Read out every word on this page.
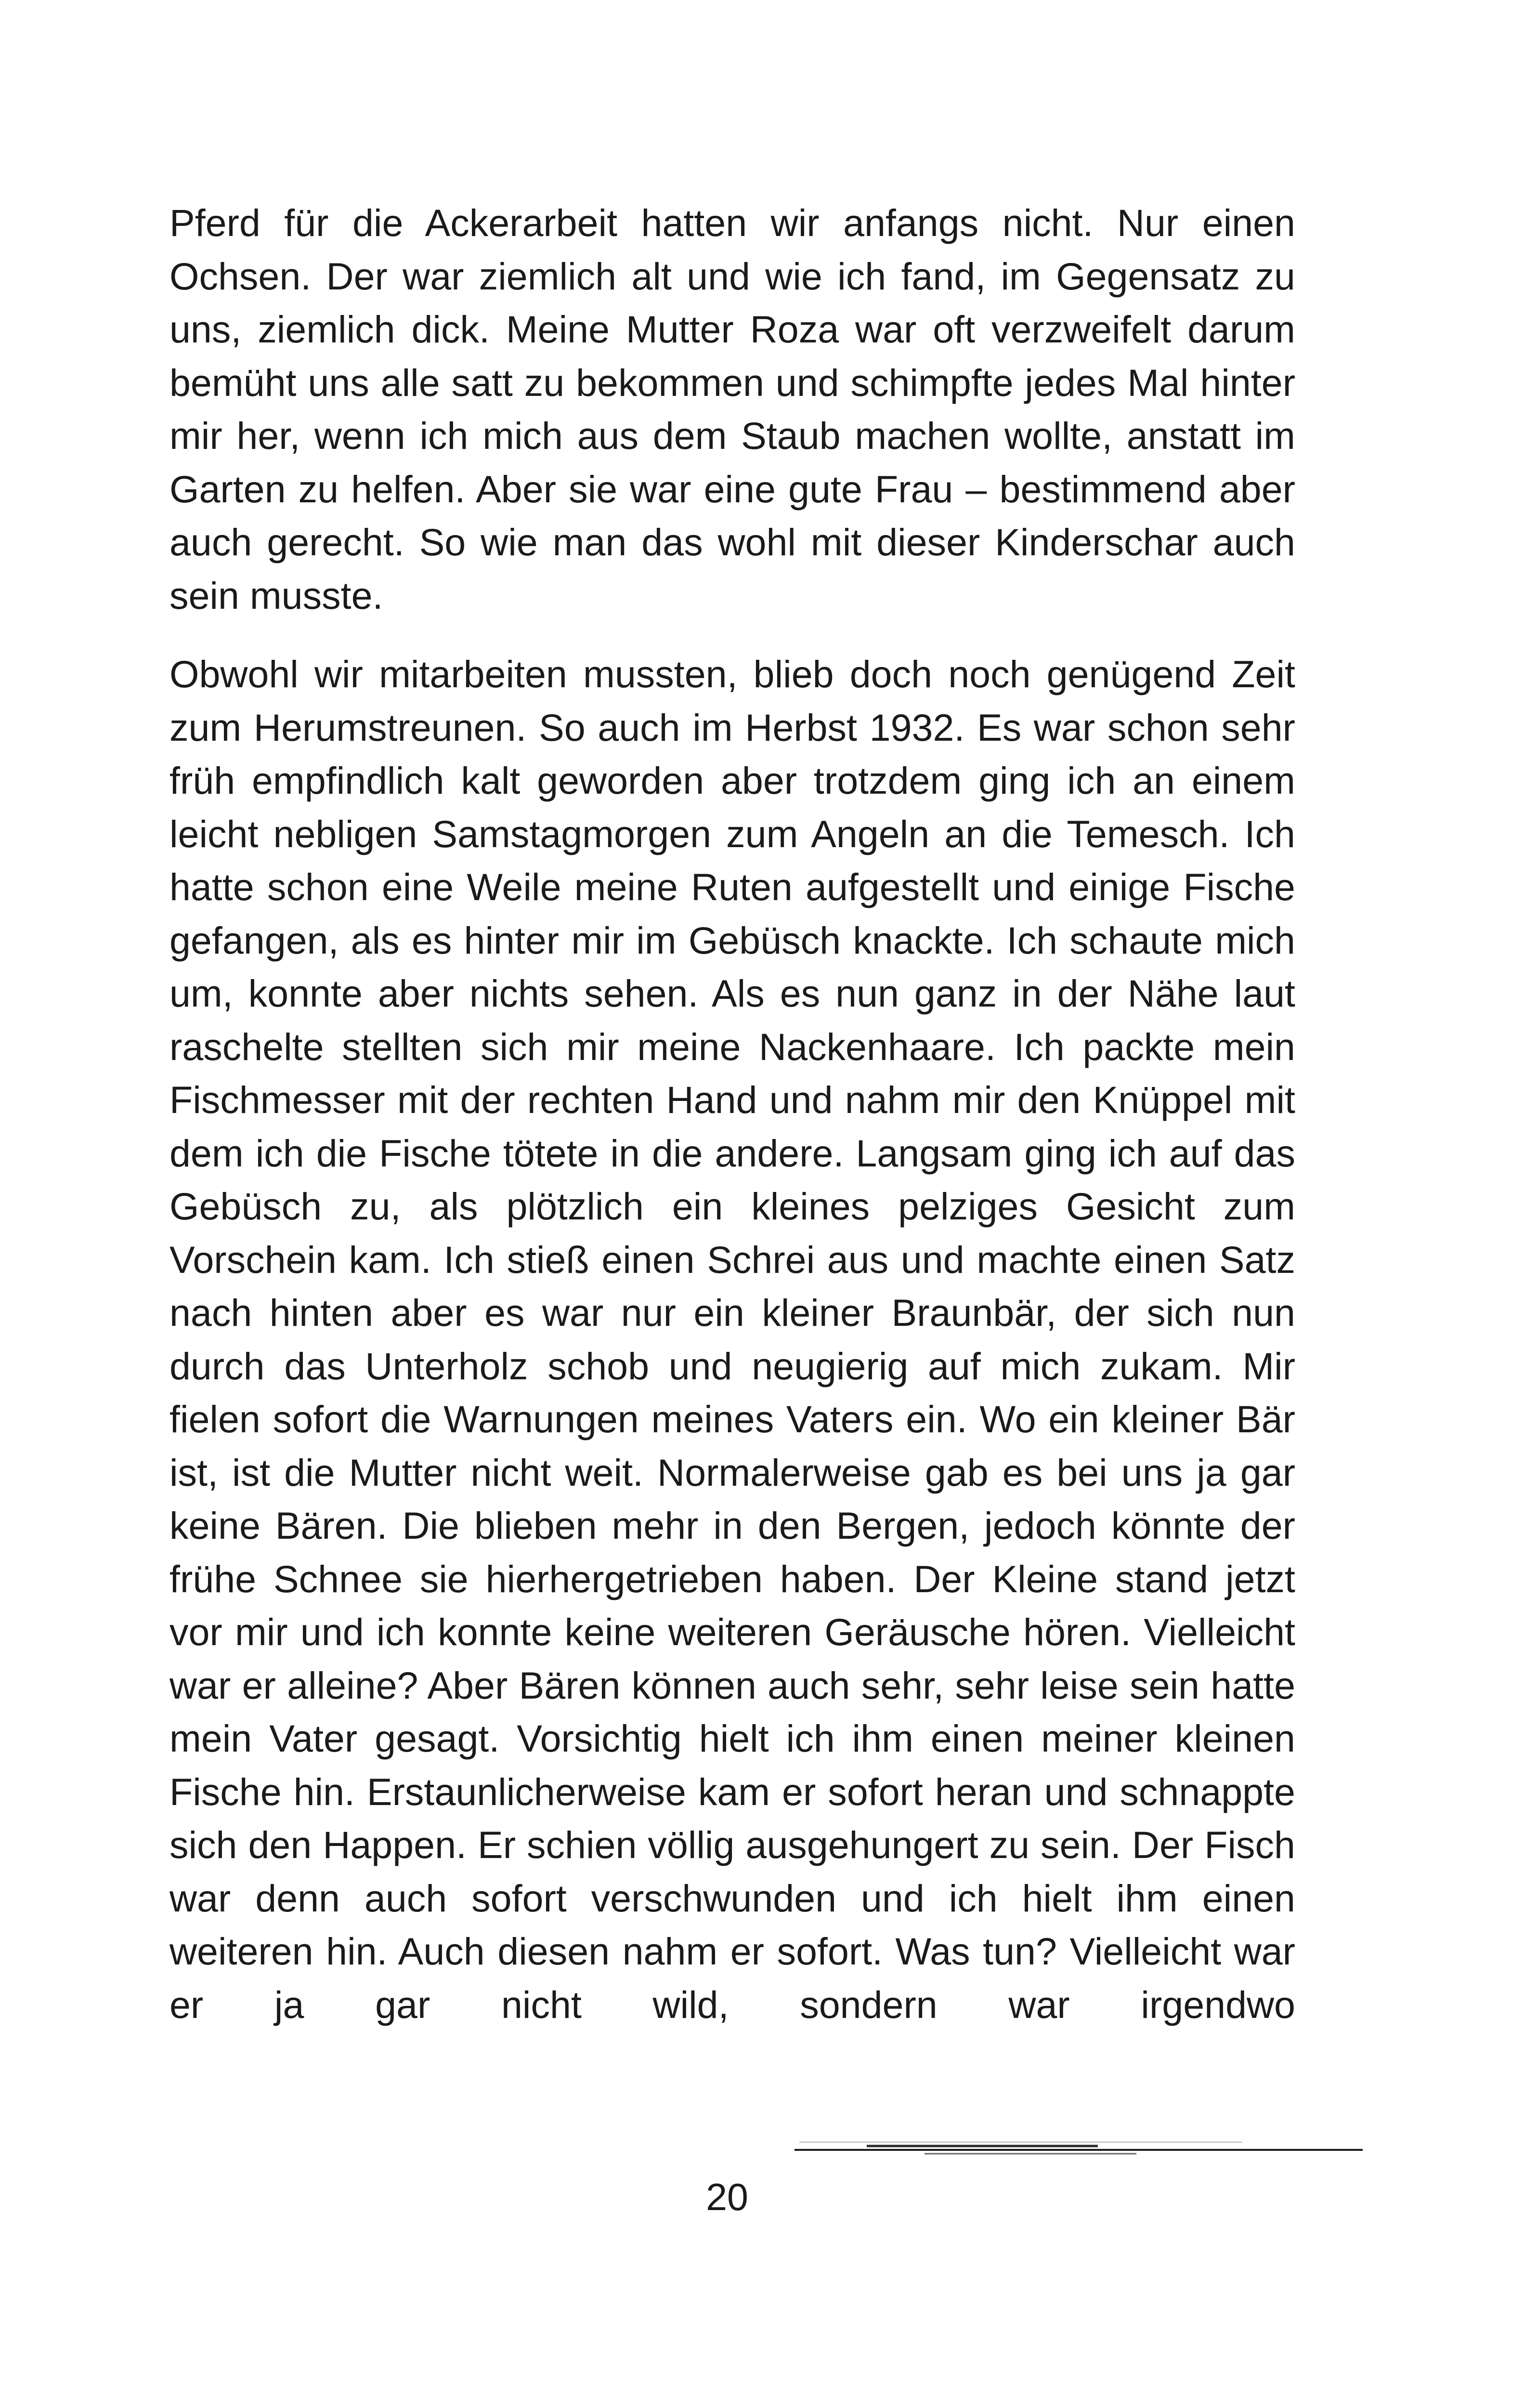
Pferd für die Ackerarbeit hatten wir anfangs nicht. Nur einen Ochsen. Der war ziemlich alt und wie ich fand, im Gegensatz zu uns, ziemlich dick. Meine Mutter Roza war oft verzweifelt darum bemüht uns alle satt zu bekommen und schimpfte jedes Mal hinter mir her, wenn ich mich aus dem Staub machen wollte, anstatt im Garten zu helfen. Aber sie war eine gute Frau – bestimmend aber auch gerecht. So wie man das wohl mit dieser Kinderschar auch sein musste.

Obwohl wir mitarbeiten mussten, blieb doch noch genügend Zeit zum Herumstreunen. So auch im Herbst 1932. Es war schon sehr früh empfindlich kalt geworden aber trotzdem ging ich an einem leicht nebligen Samstagmorgen zum Angeln an die Temesch. Ich hatte schon eine Weile meine Ruten aufgestellt und einige Fische gefangen, als es hinter mir im Gebüsch knackte. Ich schaute mich um, konnte aber nichts sehen. Als es nun ganz in der Nähe laut raschelte stellten sich mir meine Nackenhaare. Ich packte mein Fischmesser mit der rechten Hand und nahm mir den Knüppel mit dem ich die Fische tötete in die andere. Langsam ging ich auf das Gebüsch zu, als plötzlich ein kleines pelziges Gesicht zum Vorschein kam. Ich stieß einen Schrei aus und machte einen Satz nach hinten aber es war nur ein kleiner Braunbär, der sich nun durch das Unterholz schob und neugierig auf mich zukam. Mir fielen sofort die Warnungen meines Vaters ein. Wo ein kleiner Bär ist, ist die Mutter nicht weit. Normalerweise gab es bei uns ja gar keine Bären. Die blieben mehr in den Bergen, jedoch könnte der frühe Schnee sie hierhergetrieben haben. Der Kleine stand jetzt vor mir und ich konnte keine weiteren Geräusche hören. Vielleicht war er alleine? Aber Bären können auch sehr, sehr leise sein hatte mein Vater gesagt. Vorsichtig hielt ich ihm einen meiner kleinen Fische hin. Erstaunlicherweise kam er sofort heran und schnappte sich den Happen. Er schien völlig ausgehungert zu sein. Der Fisch war denn auch sofort verschwunden und ich hielt ihm einen weiteren hin. Auch diesen nahm er sofort. Was tun? Vielleicht war er ja gar nicht wild, sondern war irgendwo

20
